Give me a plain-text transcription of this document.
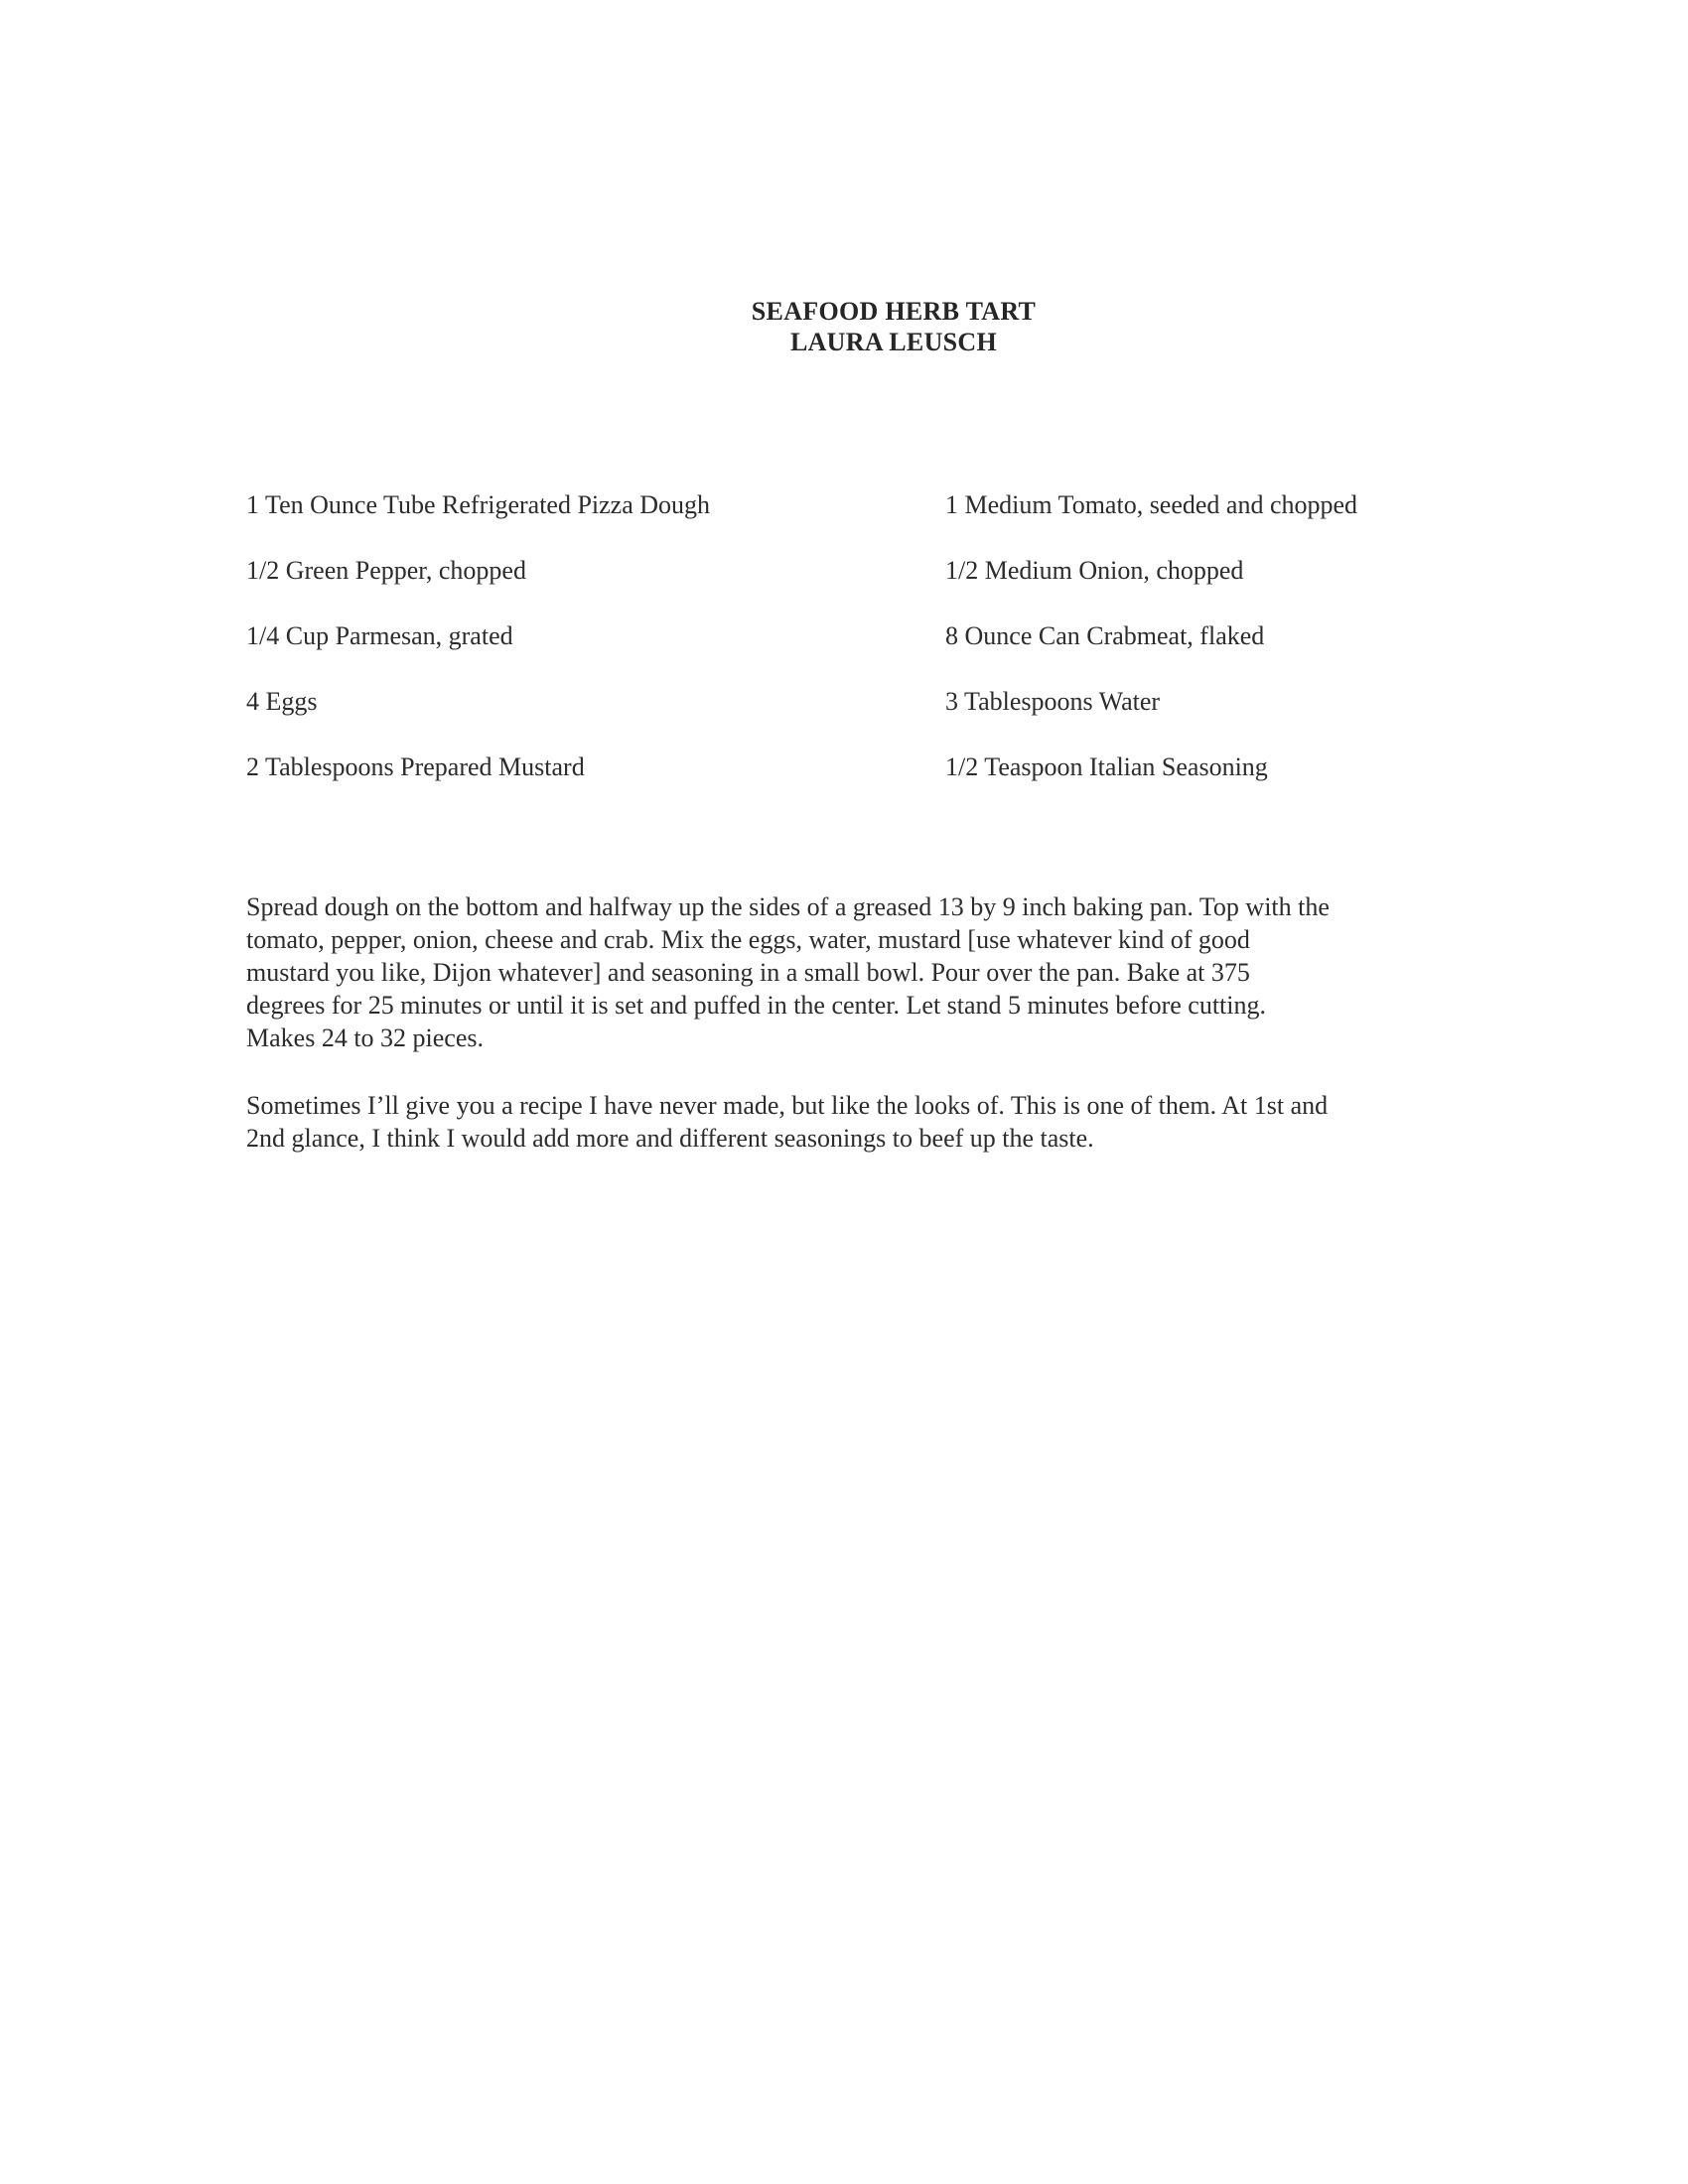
SEAFOOD HERB TART
LAURA LEUSCH
1 Ten Ounce Tube Refrigerated Pizza Dough
1/2 Green Pepper, chopped
1/4 Cup Parmesan, grated
4 Eggs
2 Tablespoons Prepared Mustard
1 Medium Tomato, seeded and chopped
1/2 Medium Onion, chopped
8 Ounce Can Crabmeat, flaked
3 Tablespoons Water
1/2 Teaspoon Italian Seasoning

Spread dough on the bottom and halfway up the sides of a greased 13 by 9 inch baking pan. Top with the
tomato, pepper, onion, cheese and crab. Mix the eggs, water, mustard [use whatever kind of good
mustard you like, Dijon whatever] and seasoning in a small bowl. Pour over the pan. Bake at 375
degrees for 25 minutes or until it is set and puffed in the center. Let stand 5 minutes before cutting.
Makes 24 to 32 pieces.

Sometimes I’ll give you a recipe I have never made, but like the looks of. This is one of them. At 1st and
2nd glance, I think I would add more and different seasonings to beef up the taste.
